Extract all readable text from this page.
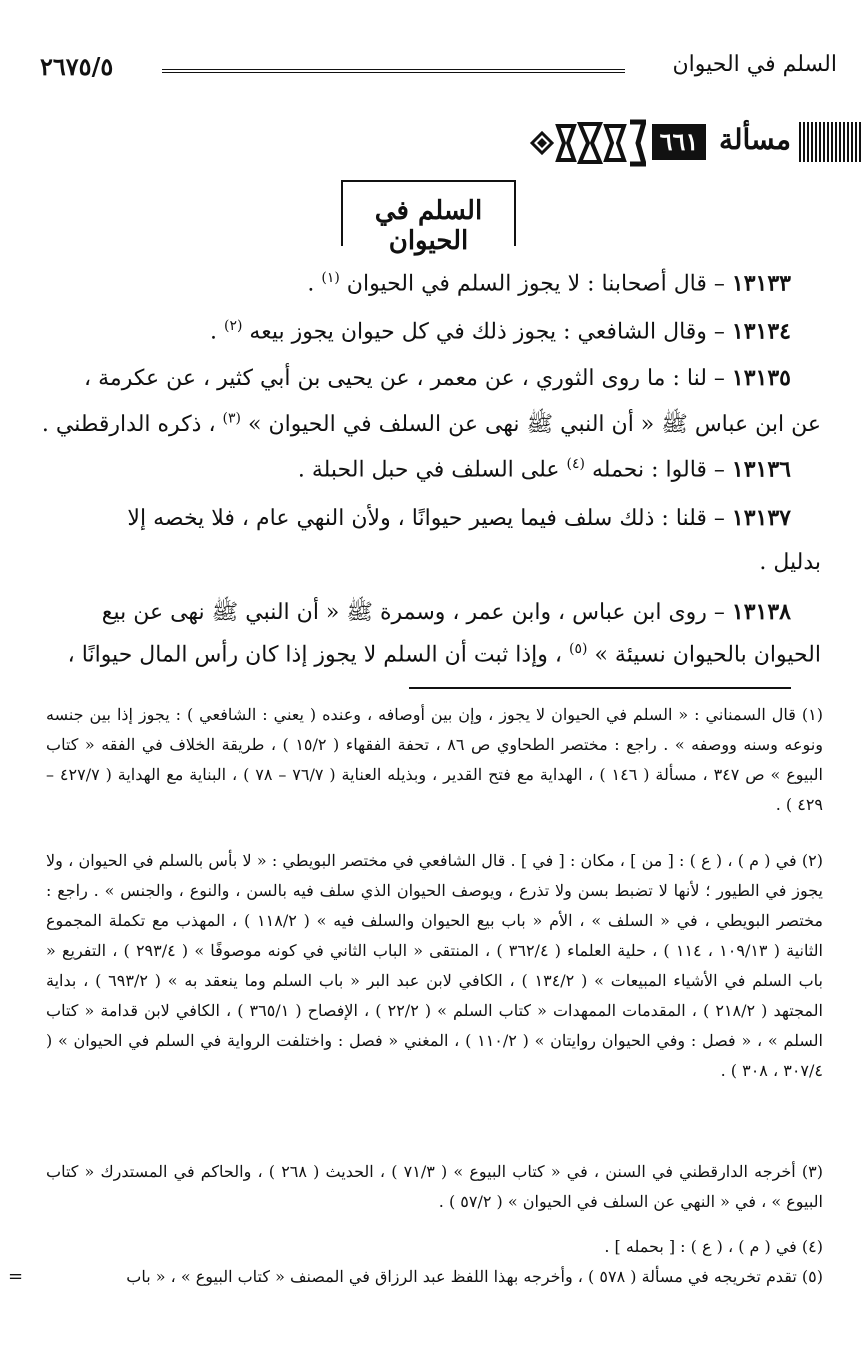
٢٦٧٥/٥	السلم في الحيوان
مسألة
٦٦١
السلم في الحيوان
١٣١٣٣ – قال أصحابنا : لا يجوز السلم في الحيوان $^{(١)}$ .
١٣١٣٤ – وقال الشافعي : يجوز ذلك في كل حيوان يجوز بيعه $^{(٢)}$ .
١٣١٣٥ – لنا : ما روى الثوري ، عن معمر ، عن يحيى بن أبي كثير ، عن عكرمة ،
عن ابن عباس ﷺ « أن النبي ﷺ نهى عن السلف في الحيوان » $^{(٣)}$ ، ذكره الدارقطني .
١٣١٣٦ – قالوا : نحمله $^{(٤)}$ على السلف في حبل الحبلة .
١٣١٣٧ – قلنا : ذلك سلف فيما يصير حيوانًا ، ولأن النهي عام ، فلا يخصه إلا
بدليل .
١٣١٣٨ – روى ابن عباس ، وابن عمر ، وسمرة ﷺ « أن النبي ﷺ نهى عن بيع
الحيوان بالحيوان نسيئة » $^{(٥)}$ ، وإذا ثبت أن السلم لا يجوز إذا كان رأس المال حيوانًا ،
(١) قال السمناني : « السلم في الحيوان لا يجوز ، وإن بين أوصافه ، وعنده ( يعني : الشافعي ) : يجوز إذا بين جنسه ونوعه وسنه ووصفه » . راجع : مختصر الطحاوي ص ٨٦ ، تحفة الفقهاء ( ١٥/٢ ) ، طريقة الخلاف في الفقه « كتاب البيوع » ص ٣٤٧ ، مسألة ( ١٤٦ ) ، الهداية مع فتح القدير ، وبذيله العناية ( ٧٦/٧ – ٧٨ ) ، البناية مع الهداية ( ٤٢٧/٧ – ٤٢٩ ) .
(٢) في ( م ) ، ( ع ) : [ من ] ، مكان : [ في ] . قال الشافعي في مختصر البويطي : « لا بأس بالسلم في الحيوان ، ولا يجوز في الطيور ؛ لأنها لا تضبط بسن ولا تذرع ، ويوصف الحيوان الذي سلف فيه بالسن ، والنوع ، والجنس » . راجع : مختصر البويطي ، في « السلف » ، الأم « باب بيع الحيوان والسلف فيه » ( ١١٨/٢ ) ، المهذب مع تكملة المجموع الثانية ( ١٠٩/١٣ ، ١١٤ ) ، حلية العلماء ( ٣٦٢/٤ ) ، المنتقى « الباب الثاني في كونه موصوفًا » ( ٢٩٣/٤ ) ، التفريع « باب السلم في الأشياء المبيعات » ( ١٣٤/٢ ) ، الكافي لابن عبد البر « باب السلم وما ينعقد به » ( ٦٩٣/٢ ) ، بداية المجتهد ( ٢١٨/٢ ) ، المقدمات الممهدات « كتاب السلم » ( ٢٢/٢ ) ، الإفصاح ( ٣٦٥/١ ) ، الكافي لابن قدامة « كتاب السلم » ، « فصل : وفي الحيوان روايتان » ( ١١٠/٢ ) ، المغني « فصل : واختلفت الرواية في السلم في الحيوان » ( ٣٠٧/٤ ، ٣٠٨ ) .
(٣) أخرجه الدارقطني في السنن ، في « كتاب البيوع » ( ٧١/٣ ) ، الحديث ( ٢٦٨ ) ، والحاكم في المستدرك « كتاب البيوع » ، في « النهي عن السلف في الحيوان » ( ٥٧/٢ ) .
(٤) في ( م ) ، ( ع ) : [ بحمله ] .
(٥) تقدم تخريجه في مسألة ( ٥٧٨ ) ، وأخرجه بهذا اللفظ عبد الرزاق في المصنف « كتاب البيوع » ، « باب
=
